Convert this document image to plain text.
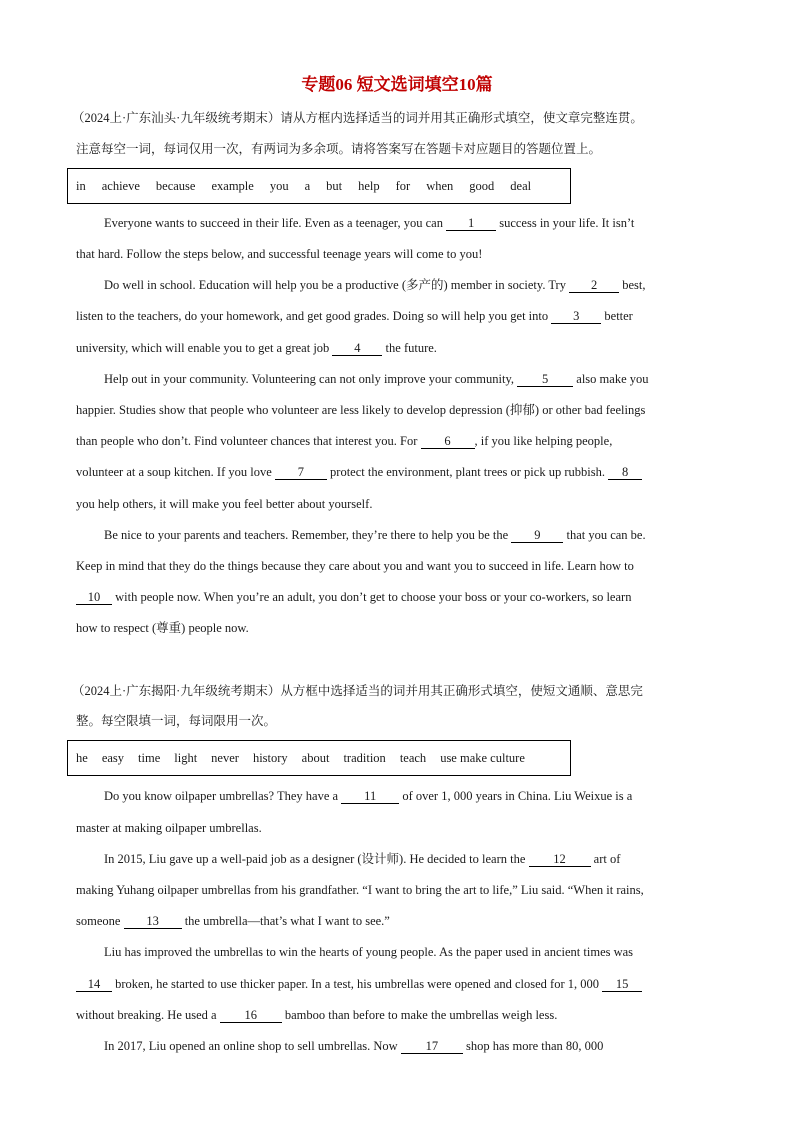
专题06 短文选词填空10篇
（2024上·广东汕头·九年级统考期末）请从方框内选择适当的词并用其正确形式填空，使文章完整连贯。
注意每空一词，每词仅用一次，有两词为多余项。请将答案写在答题卡对应题目的答题位置上。
in achieve because example you a but help for when good deal
Everyone wants to succeed in their life. Even as a teenager, you can 1 success in your life. It isn’t
that hard. Follow the steps below, and successful teenage years will come to you!
Do well in school. Education will help you be a productive (多产的) member in society. Try 2 best,
listen to the teachers, do your homework, and get good grades. Doing so will help you get into 3 better
university, which will enable you to get a great job 4 the future.
Help out in your community. Volunteering can not only improve your community, 5 also make you
happier. Studies show that people who volunteer are less likely to develop depression (抑郁) or other bad feelings
than people who don’t. Find volunteer chances that interest you. For 6 , if you like helping people,
volunteer at a soup kitchen. If you love 7 protect the environment, plant trees or pick up rubbish. 8
you help others, it will make you feel better about yourself.
Be nice to your parents and teachers. Remember, they’re there to help you be the 9 that you can be.
Keep in mind that they do the things because they care about you and want you to succeed in life. Learn how to
10 with people now. When you’re an adult, you don’t get to choose your boss or your co-workers, so learn
how to respect (尊重) people now.
（2024上·广东揭阳·九年级统考期末）从方框中选择适当的词并用其正确形式填空，使短文通顺、意思完
整。每空限填一词，每词限用一次。
he easy time light never history about tradition teach use make culture
Do you know oilpaper umbrellas? They have a 11 of over 1, 000 years in China. Liu Weixue is a
master at making oilpaper umbrellas.
In 2015, Liu gave up a well-paid job as a designer (设计师). He decided to learn the 12 art of
making Yuhang oilpaper umbrellas from his grandfather. “I want to bring the art to life,” Liu said. “When it rains,
someone 13 the umbrella—that’s what I want to see.”
Liu has improved the umbrellas to win the hearts of young people. As the paper used in ancient times was
14 broken, he started to use thicker paper. In a test, his umbrellas were opened and closed for 1, 000 15
without breaking. He used a 16 bamboo than before to make the umbrellas weigh less.
In 2017, Liu opened an online shop to sell umbrellas. Now 17 shop has more than 80, 000
